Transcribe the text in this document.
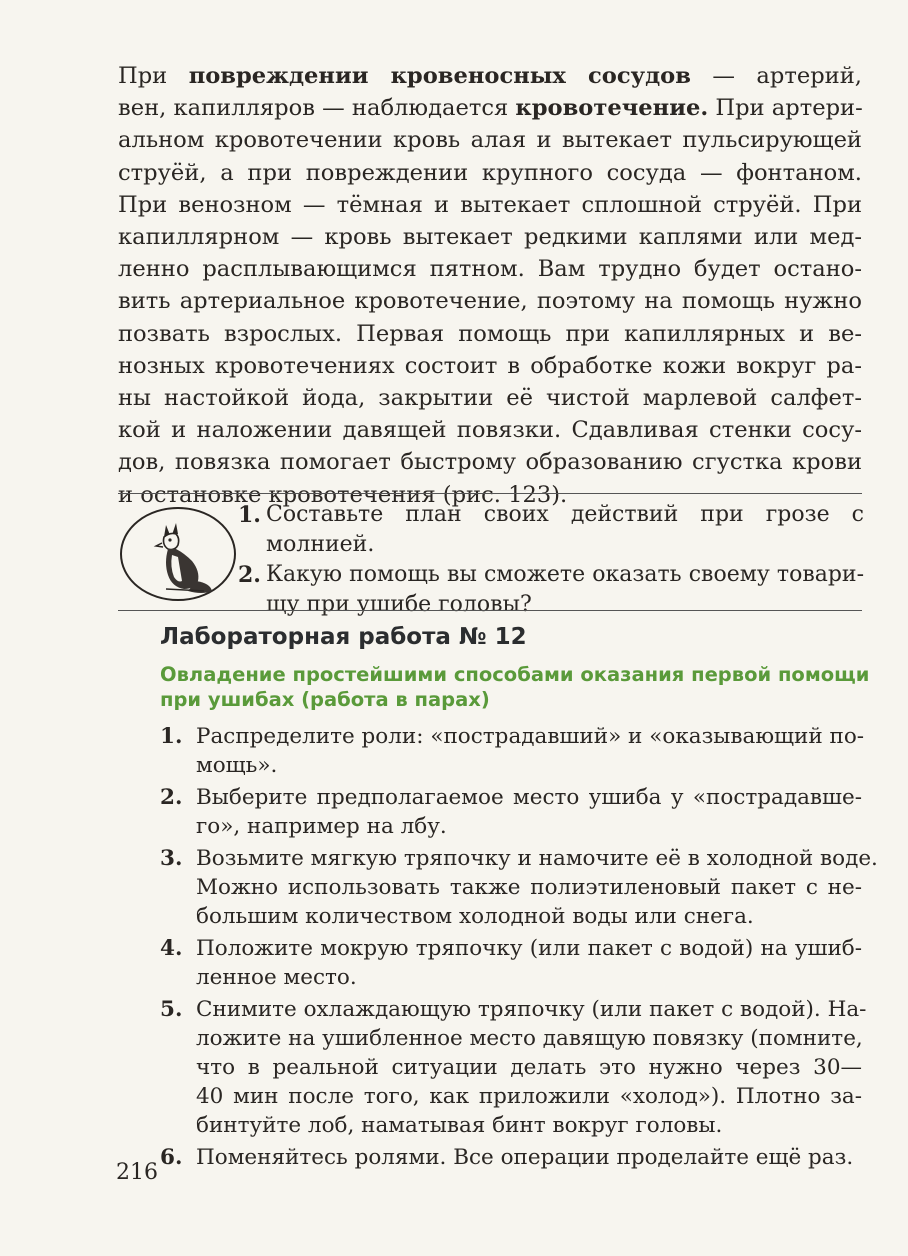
При повреждении кровеносных сосудов — артерий,
вен, капилляров — наблюдается кровотечение. При артери-
альном кровотечении кровь алая и вытекает пульсирующей
струёй, а при повреждении крупного сосуда — фонтаном.
При венозном — тёмная и вытекает сплошной струёй. При
капиллярном — кровь вытекает редкими каплями или мед-
ленно расплывающимся пятном. Вам трудно будет остано-
вить артериальное кровотечение, поэтому на помощь нужно
позвать взрослых. Первая помощь при капиллярных и ве-
нозных кровотечениях состоит в обработке кожи вокруг ра-
ны настойкой йода, закрытии её чистой марлевой салфет-
кой и наложении давящей повязки. Сдавливая стенки сосу-
дов, повязка помогает быстрому образованию сгустка крови
и остановке кровотечения (рис. 123).

1. Составьте план своих действий при грозе с молнией.
2. Какую помощь вы сможете оказать своему товари-
щу при ушибе головы?
Лабораторная работа № 12

Овладение простейшими способами оказания первой помощи
при ушибах (работа в парах)

1. Распределите роли: «пострадавший» и «оказывающий по-
мощь».
2. Выберите предполагаемое место ушиба у «пострадавше-
го», например на лбу.
3. Возьмите мягкую тряпочку и намочите её в холодной воде.
Можно использовать также полиэтиленовый пакет с не-
большим количеством холодной воды или снега.
4. Положите мокрую тряпочку (или пакет с водой) на ушиб-
ленное место.
5. Снимите охлаждающую тряпочку (или пакет с водой). На-
ложите на ушибленное место давящую повязку (помните,
что в реальной ситуации делать это нужно через 30—
40 мин после того, как приложили «холод»). Плотно за-
бинтуйте лоб, наматывая бинт вокруг головы.
6. Поменяйтесь ролями. Все операции проделайте ещё раз.

216
